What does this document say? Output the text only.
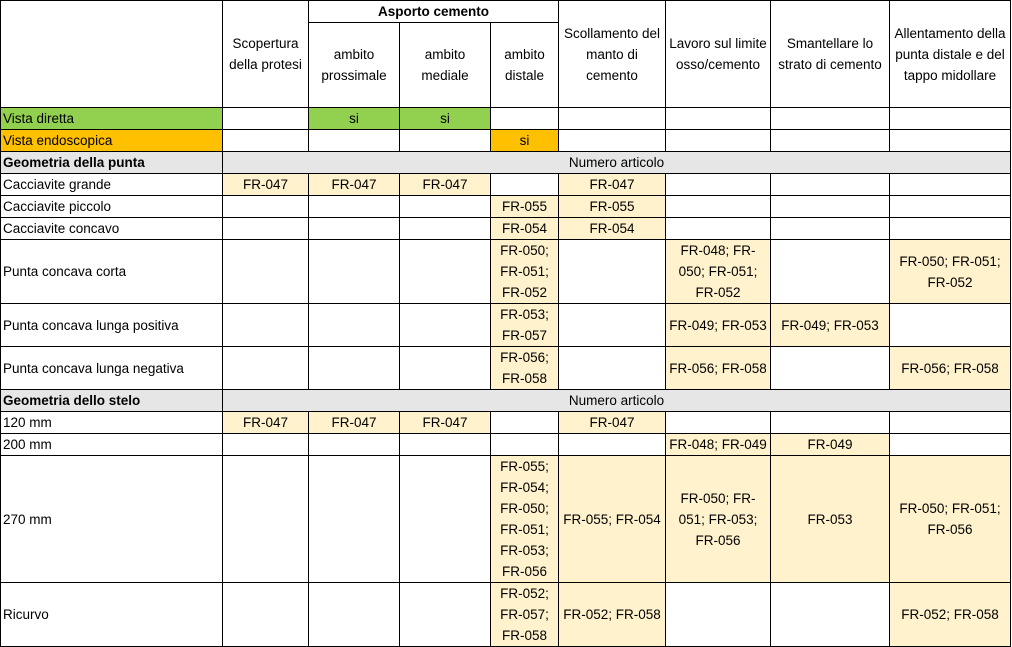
	Scopertura della protesi	Asporto cemento			Scollamento del manto di cemento	Lavoro sul limite osso/cemento	Smantellare lo strato di cemento	Allentamento della punta distale e del tappo midollare
		ambito prossimale	ambito mediale	ambito distale				
Vista diretta		si	si					
Vista endoscopica				si				
Geometria della punta	Numero articolo							
Cacciavite grande	FR-047	FR-047	FR-047		FR-047			
Cacciavite piccolo				FR-055	FR-055			
Cacciavite concavo				FR-054	FR-054			
Punta concava corta				FR-050; FR-051; FR-052		FR-048; FR-050; FR-051; FR-052		FR-050; FR-051; FR-052
Punta concava lunga positiva				FR-053; FR-057		FR-049; FR-053	FR-049; FR-053	
Punta concava lunga negativa				FR-056; FR-058		FR-056; FR-058		FR-056; FR-058
Geometria dello stelo	Numero articolo							
120 mm	FR-047	FR-047	FR-047		FR-047			
200 mm						FR-048; FR-049	FR-049	
270 mm				FR-055; FR-054; FR-050; FR-051; FR-053; FR-056	FR-055; FR-054	FR-050; FR-051; FR-053; FR-056	FR-053	FR-050; FR-051; FR-056
Ricurvo				FR-052; FR-057; FR-058	FR-052; FR-058			FR-052; FR-058
